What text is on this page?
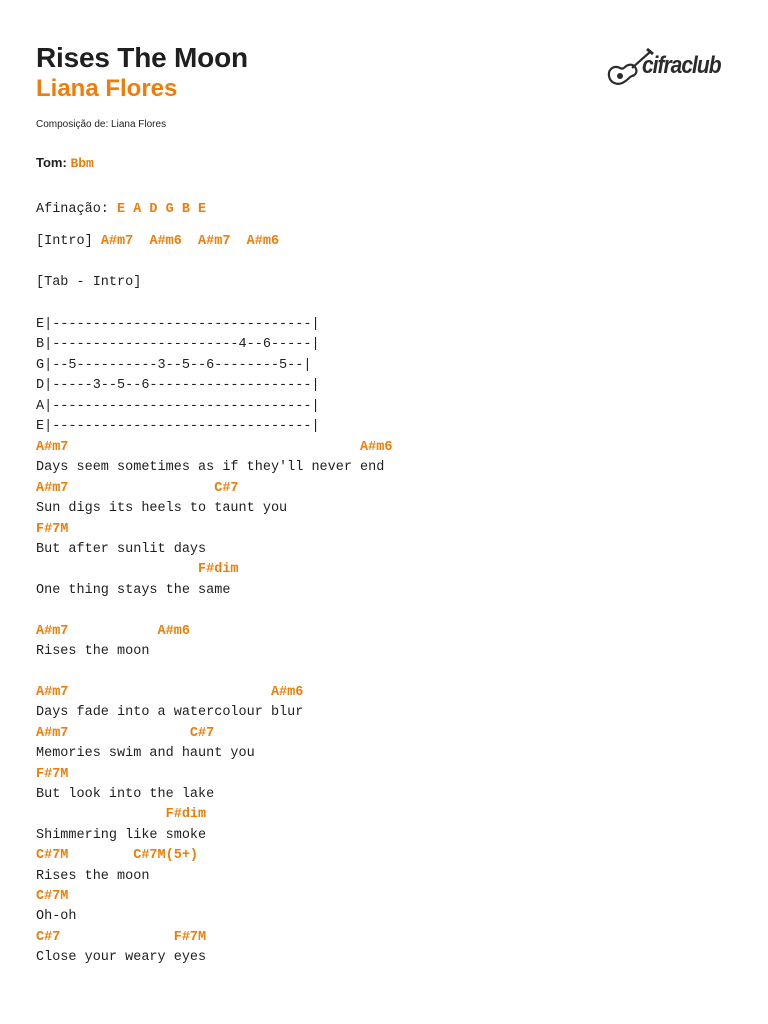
Rises The Moon
Liana Flores
Composição de: Liana Flores
cifraclub
Tom: Bbm
Afinação: E A D G B E
[Intro] A#m7 A#m6 A#m7 A#m6
[Tab - Intro]
E|--------------------------------|
B|-----------------------4--6-----|
G|--5----------3--5--6--------5--|
D|-----3--5--6--------------------|
A|--------------------------------|
E|--------------------------------|
A#m7                                    A#m6
Days seem sometimes as if they'll never end
A#m7                  C#7
Sun digs its heels to taunt you
F#7M
But after sunlit days
F#dim
One thing stays the same

A#m7           A#m6
Rises the moon

A#m7                         A#m6
Days fade into a watercolour blur
A#m7               C#7
Memories swim and haunt you
F#7M
But look into the lake
F#dim
Shimmering like smoke
C#7M        C#7M(5+)
Rises the moon
C#7M
Oh-oh
C#7              F#7M
Close your weary eyes
